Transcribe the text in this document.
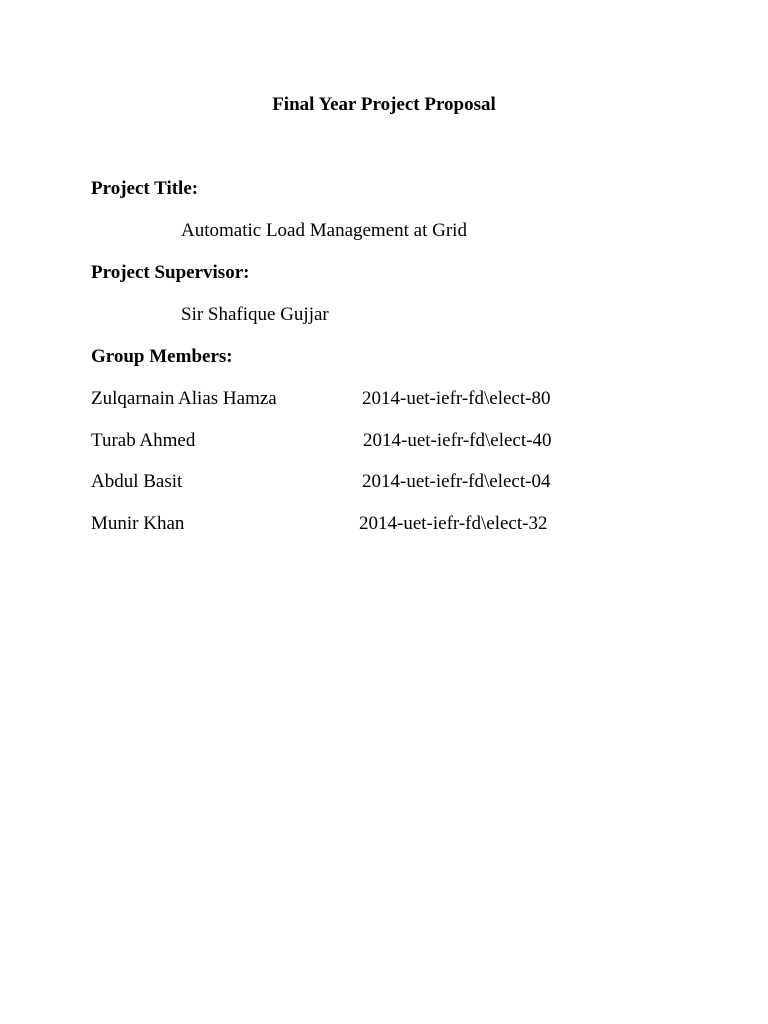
Final Year Project Proposal
Project Title:
Automatic Load Management at Grid
Project Supervisor:
Sir Shafique Gujjar
Group Members:
Zulqarnain Alias Hamza	2014-uet-iefr-fd\elect-80
Turab Ahmed	2014-uet-iefr-fd\elect-40
Abdul Basit	2014-uet-iefr-fd\elect-04
Munir Khan	2014-uet-iefr-fd\elect-32
